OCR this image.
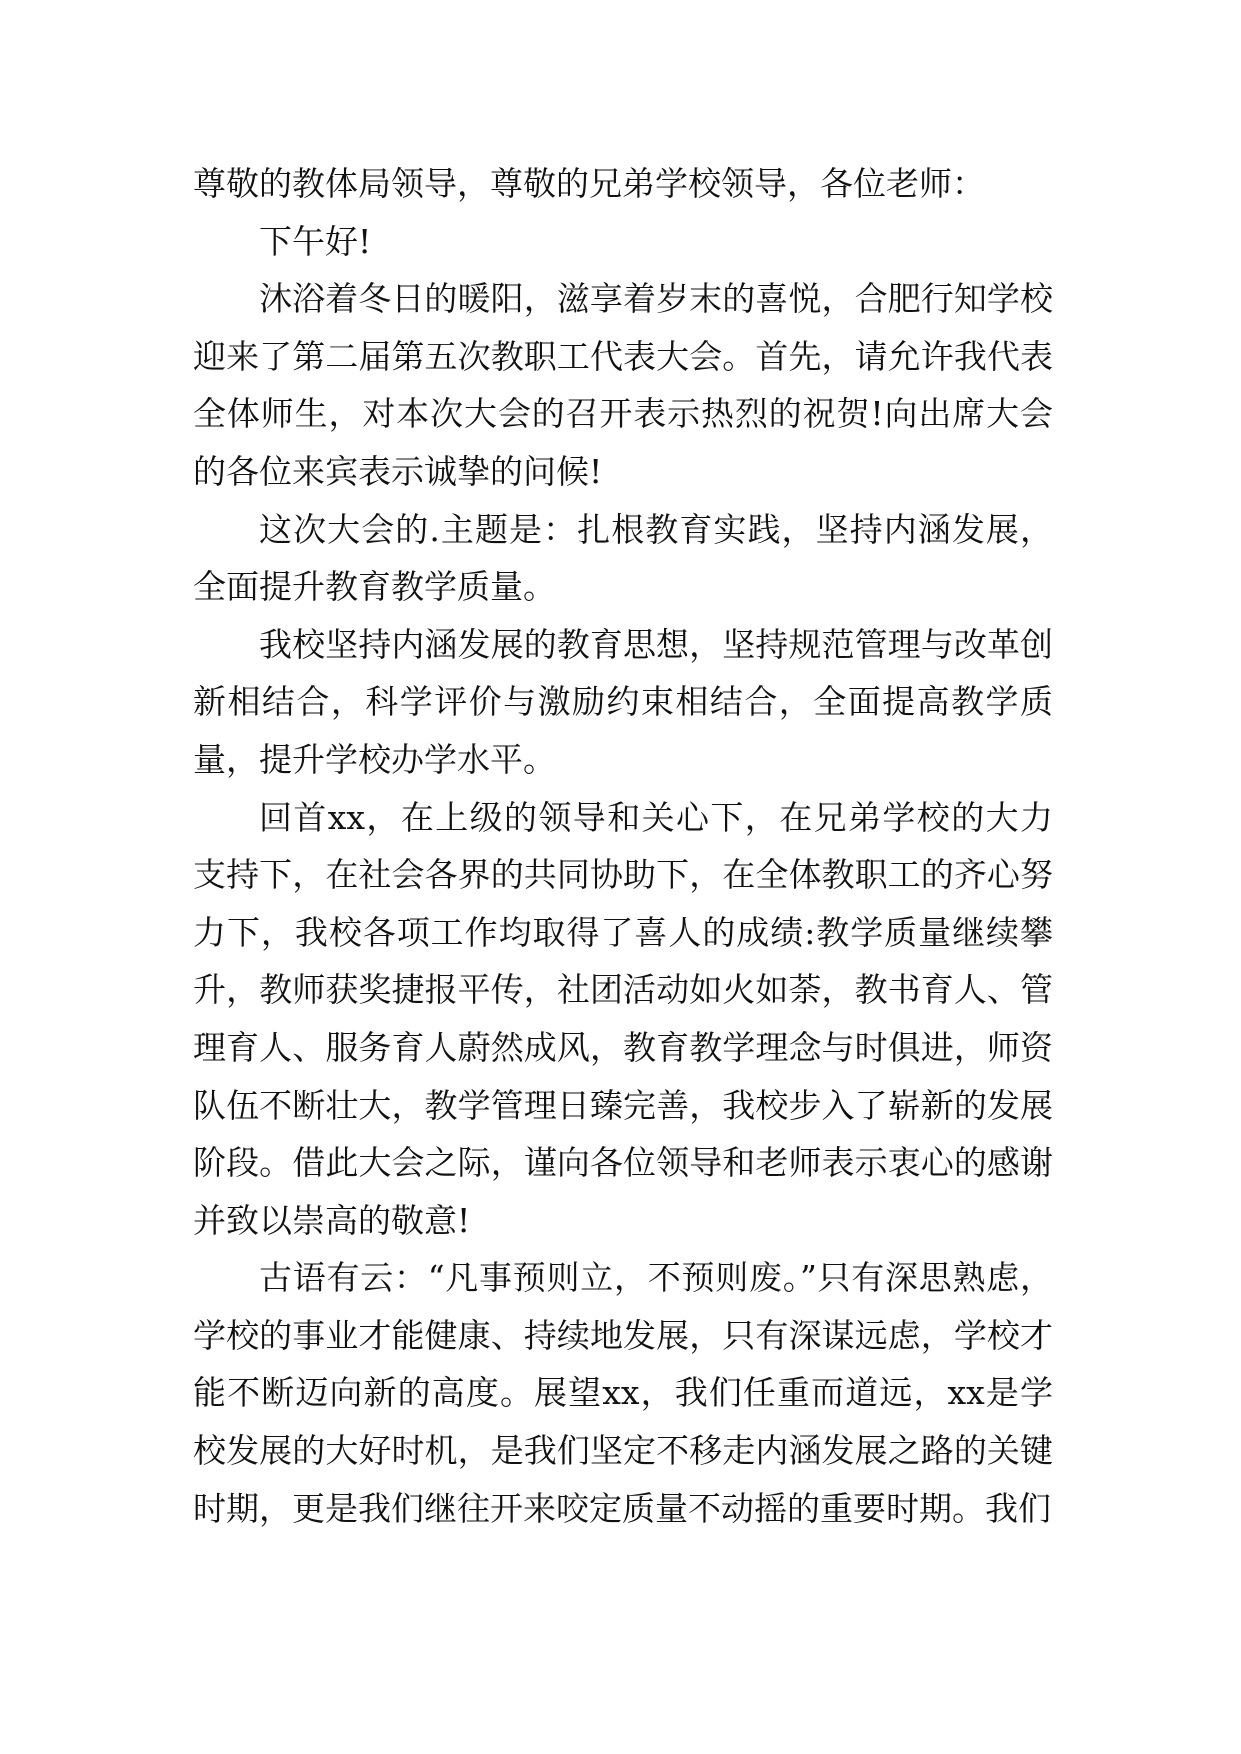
尊敬的教体局领导，尊敬的兄弟学校领导，各位老师：

下午好!

沐浴着冬日的暖阳，滋享着岁末的喜悦，合肥行知学校迎来了第二届第五次教职工代表大会。首先，请允许我代表全体师生，对本次大会的召开表示热烈的祝贺!向出席大会的各位来宾表示诚挚的问候!

这次大会的.主题是：扎根教育实践，坚持内涵发展，全面提升教育教学质量。

我校坚持内涵发展的教育思想，坚持规范管理与改革创新相结合，科学评价与激励约束相结合，全面提高教学质量，提升学校办学水平。

回首xx，在上级的领导和关心下，在兄弟学校的大力支持下，在社会各界的共同协助下，在全体教职工的齐心努力下，我校各项工作均取得了喜人的成绩:教学质量继续攀升，教师获奖捷报平传，社团活动如火如荼，教书育人、管理育人、服务育人蔚然成风，教育教学理念与时俱进，师资队伍不断壮大，教学管理日臻完善，我校步入了崭新的发展阶段。借此大会之际，谨向各位领导和老师表示衷心的感谢并致以崇高的敬意!

古语有云：“凡事预则立，不预则废。”只有深思熟虑，学校的事业才能健康、持续地发展，只有深谋远虑，学校才能不断迈向新的高度。展望xx，我们任重而道远，xx是学校发展的大好时机，是我们坚定不移走内涵发展之路的关键时期，更是我们继往开来咬定质量不动摇的重要时期。我们
